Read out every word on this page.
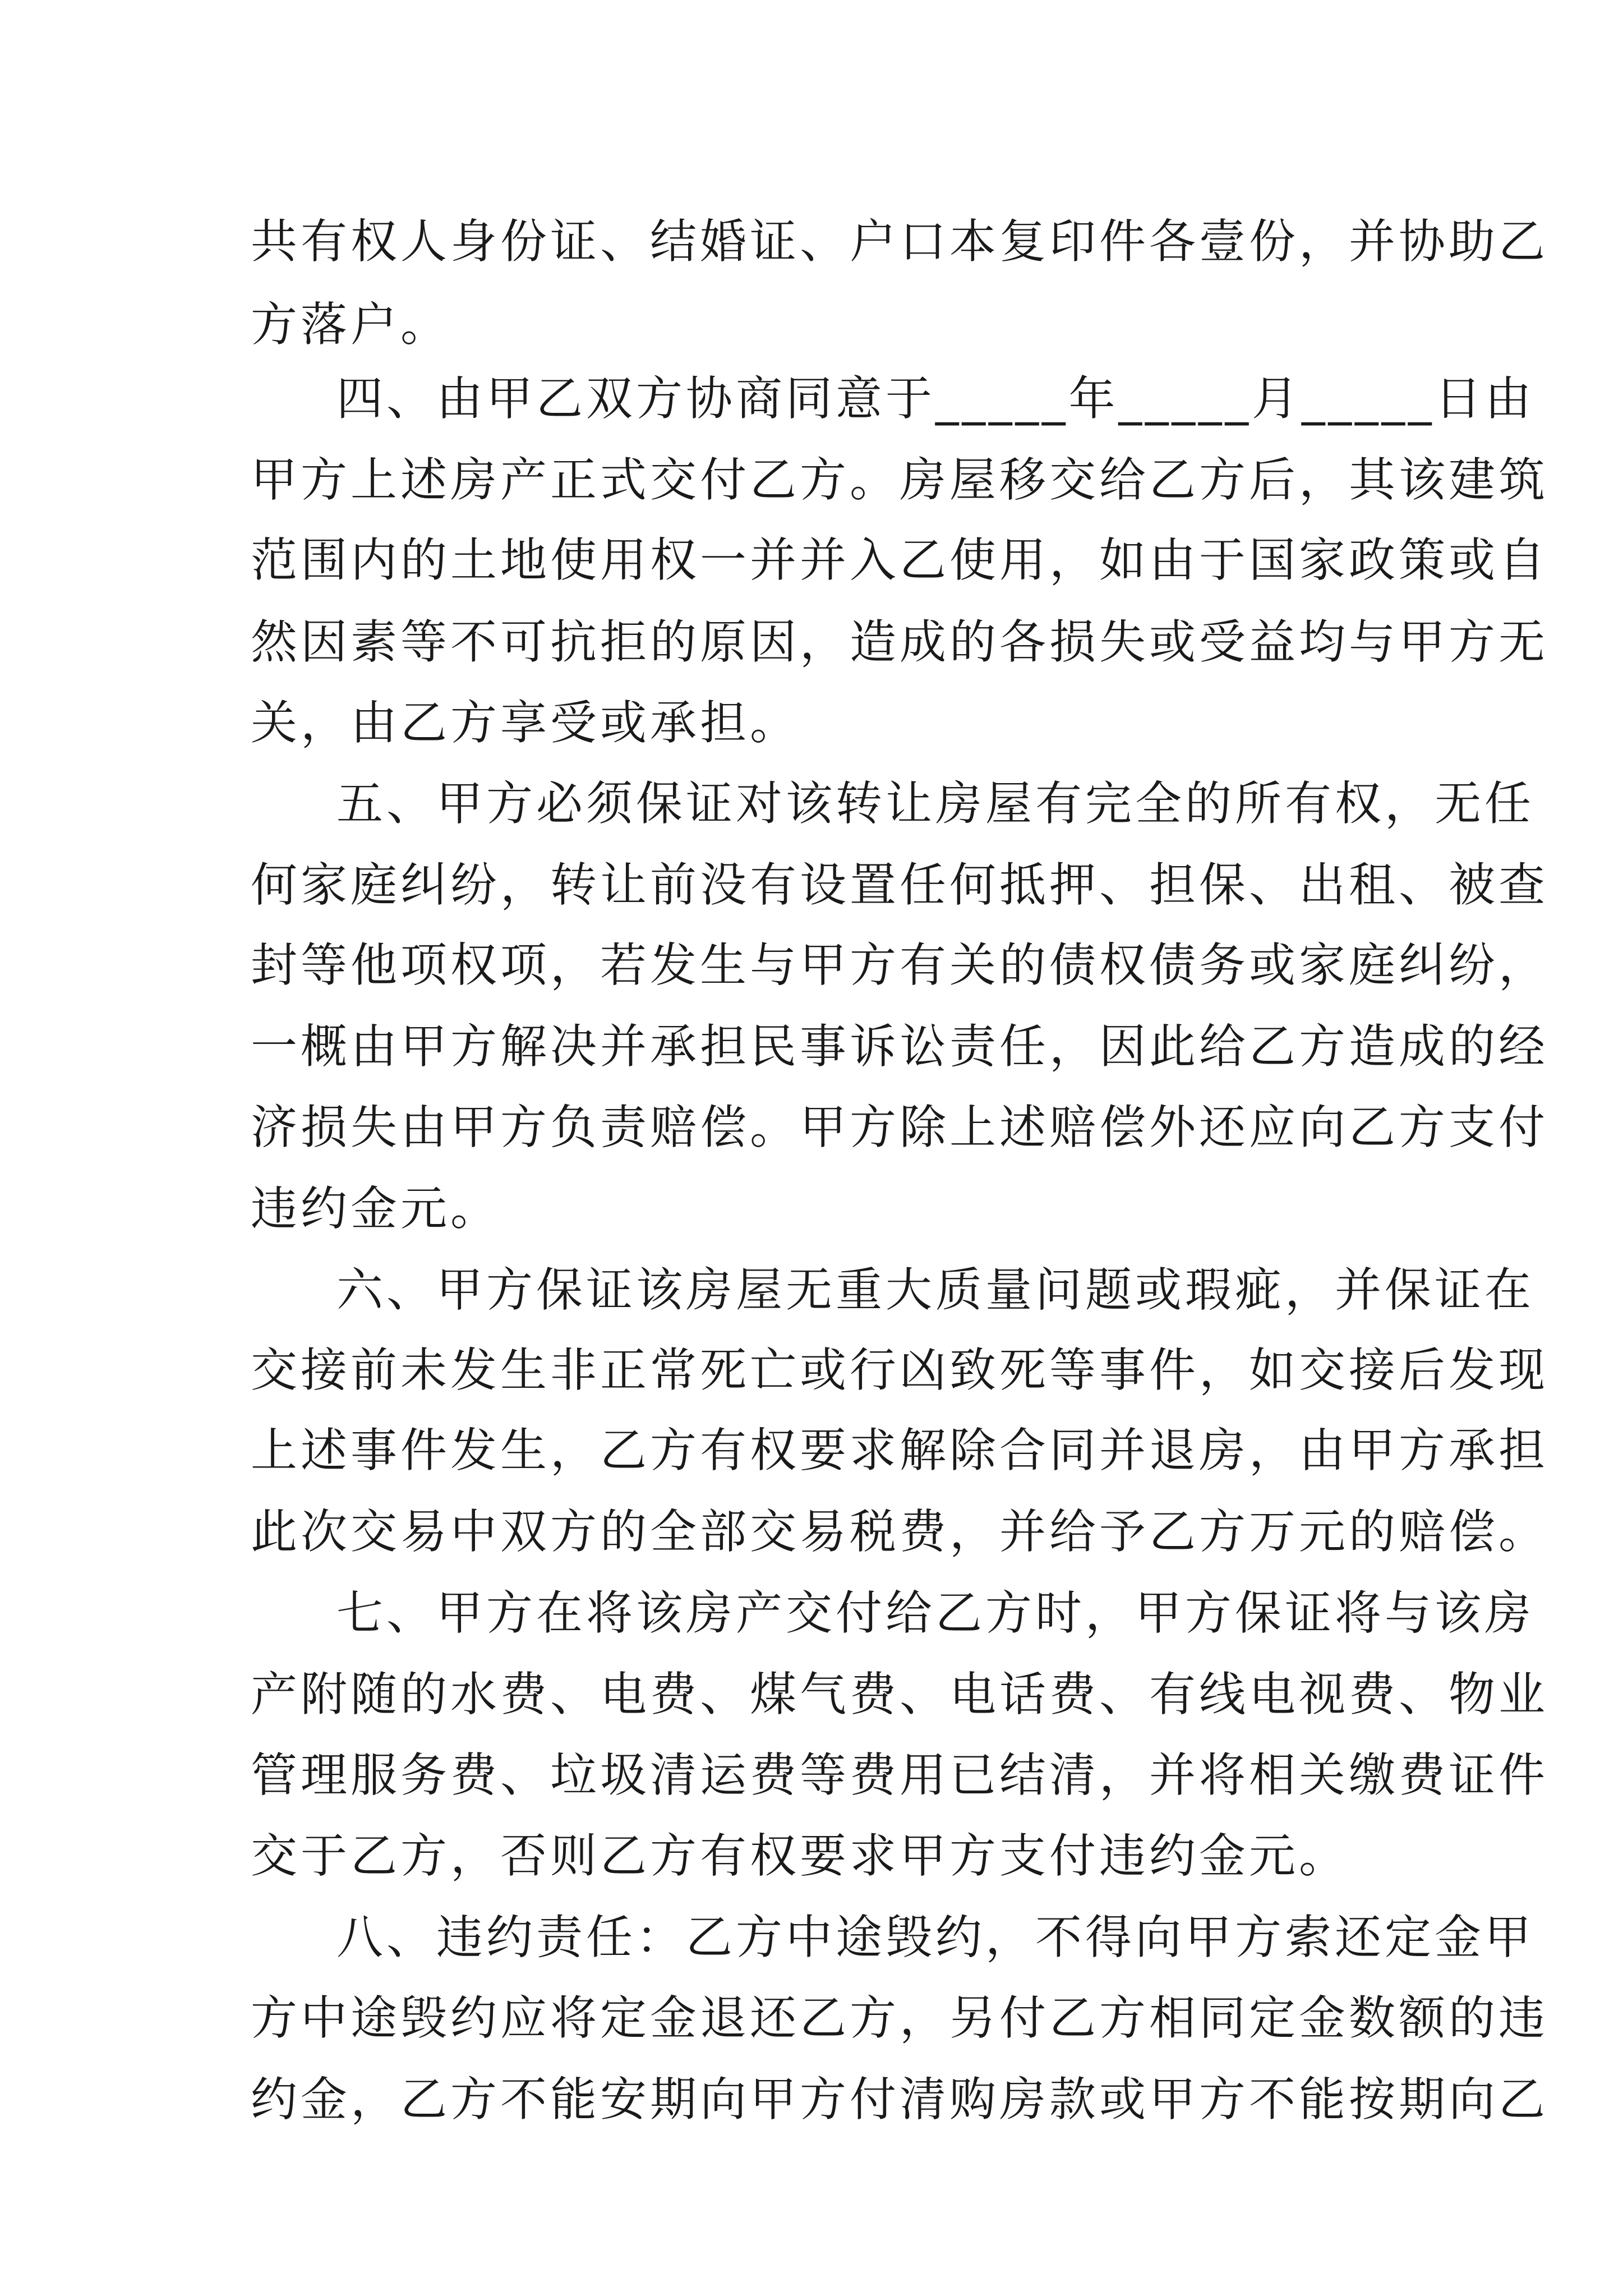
共有权人身份证、结婚证、户口本复印件各壹份，并协助乙
方落户。
四、由甲乙双方协商同意于_____年_____月_____日由
甲方上述房产正式交付乙方。房屋移交给乙方后，其该建筑
范围内的土地使用权一并并入乙使用，如由于国家政策或自
然因素等不可抗拒的原因，造成的各损失或受益均与甲方无
关，由乙方享受或承担。
五、甲方必须保证对该转让房屋有完全的所有权，无任
何家庭纠纷，转让前没有设置任何抵押、担保、出租、被查
封等他项权项，若发生与甲方有关的债权债务或家庭纠纷，
一概由甲方解决并承担民事诉讼责任，因此给乙方造成的经
济损失由甲方负责赔偿。甲方除上述赔偿外还应向乙方支付
违约金元。
六、甲方保证该房屋无重大质量问题或瑕疵，并保证在
交接前未发生非正常死亡或行凶致死等事件，如交接后发现
上述事件发生，乙方有权要求解除合同并退房，由甲方承担
此次交易中双方的全部交易税费，并给予乙方万元的赔偿。
七、甲方在将该房产交付给乙方时，甲方保证将与该房
产附随的水费、电费、煤气费、电话费、有线电视费、物业
管理服务费、垃圾清运费等费用已结清，并将相关缴费证件
交于乙方，否则乙方有权要求甲方支付违约金元。
八、违约责任：乙方中途毁约，不得向甲方索还定金甲
方中途毁约应将定金退还乙方，另付乙方相同定金数额的违
约金，乙方不能安期向甲方付清购房款或甲方不能按期向乙
